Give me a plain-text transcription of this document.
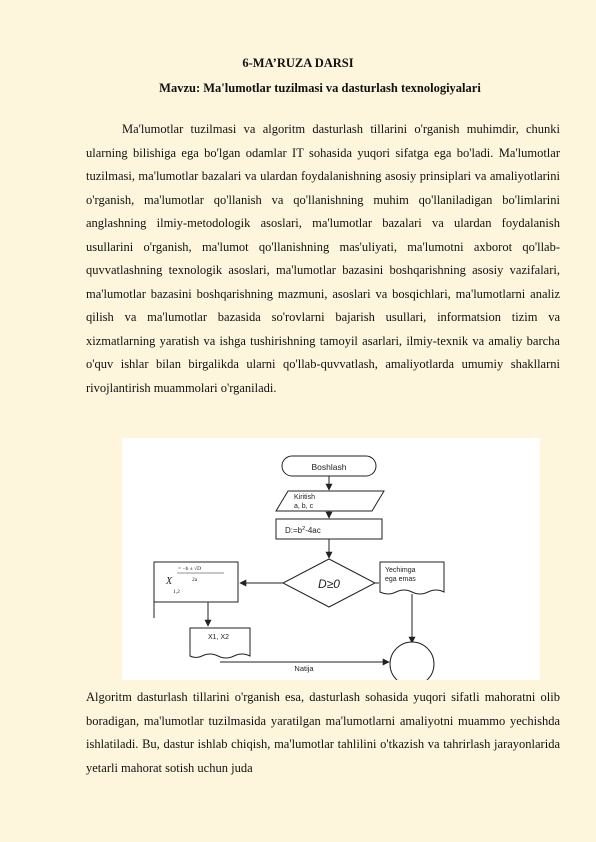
6-MA’RUZA DARSI
Mavzu: Ma'lumotlar tuzilmasi va dasturlash texnologiyalari
Ma'lumotlar tuzilmasi va algoritm dasturlash tillarini o'rganish muhimdir, chunki ularning bilishiga ega bo'lgan odamlar IT sohasida yuqori sifatga ega bo'ladi. Ma'lumotlar tuzilmasi, ma'lumotlar bazalari va ulardan foydalanishning asosiy prinsiplari va amaliyotlarini o'rganish, ma'lumotlar qo'llanish va qo'llanishning muhim qo'llaniladigan bo'limlarini anglashning ilmiy-metodologik asoslari, ma'lumotlar bazalari va ulardan foydalanish usullarini o'rganish, ma'lumot qo'llanishning mas'uliyati, ma'lumotni axborot qo'llab-quvvatlashning texnologik asoslari, ma'lumotlar bazasini boshqarishning asosiy vazifalari, ma'lumotlar bazasini boshqarishning mazmuni, asoslari va bosqichlari, ma'lumotlarni analiz qilish va ma'lumotlar bazasida so'rovlarni bajarish usullari, informatsion tizim va xizmatlarning yaratish va ishga tushirishning tamoyil asarlari, ilmiy-texnik va amaliy barcha o'quv ishlar bilan birgalikda ularni qo'llab-quvvatlash, amaliyotlarda umumiy shakllarni rivojlantirish muammolari o'rganiladi.
Boshlash
Kiritish
a, b, c
$D:=b^2-4ac$
D≥0
= −b ± √D
2a
X
1,2
Yechimga
ega emas
X1, X2
Natija
Algoritm dasturlash tillarini o'rganish esa, dasturlash sohasida yuqori sifatli mahoratni olib boradigan, ma'lumotlar tuzilmasida yaratilgan ma'lumotlarni amaliyotni muammo yechishda ishlatiladi. Bu, dastur ishlab chiqish, ma'lumotlar tahlilini o'tkazish va tahrirlash jarayonlarida yetarli mahorat sotish uchun juda
